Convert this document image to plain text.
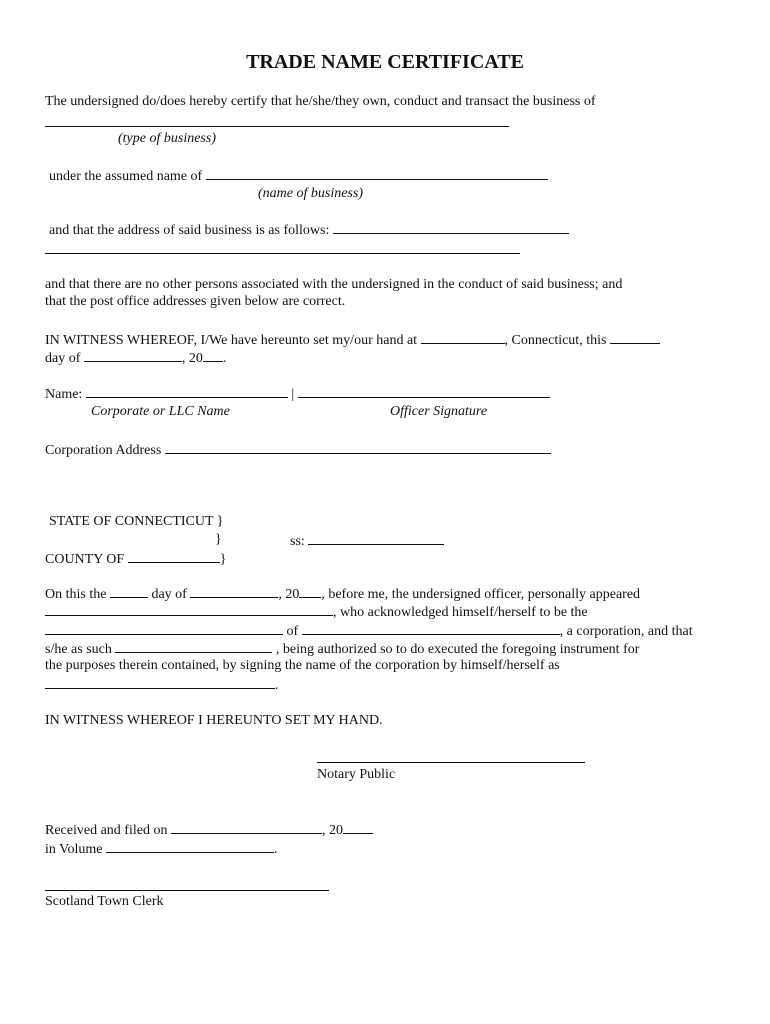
TRADE NAME CERTIFICATE
The undersigned do/does hereby certify that he/she/they own, conduct and transact the business of
(type of business)
under the assumed name of
(name of business)
and that the address of said business is as follows:
and that there are no other persons associated with the undersigned in the conduct of said business; and
that the post office addresses given below are correct.
IN WITNESS WHEREOF, I/We have hereunto set my/our hand at	, Connecticut, this
day of	, 20 .
Name:	|
Corporate or LLC Name	Officer Signature
Corporation Address
STATE OF CONNECTICUT }
}	ss:
COUNTY OF	}
On this the	day of	, 20 , before me, the undersigned officer, personally appeared
, who acknowledged himself/herself to be the
of	, a corporation, and that
s/he as such	, being authorized so to do executed the foregoing instrument for
the purposes therein contained, by signing the name of the corporation by himself/herself as
.
IN WITNESS WHEREOF I HEREUNTO SET MY HAND.
Notary Public
Received and filed on	, 20
in Volume	.
Scotland Town Clerk
